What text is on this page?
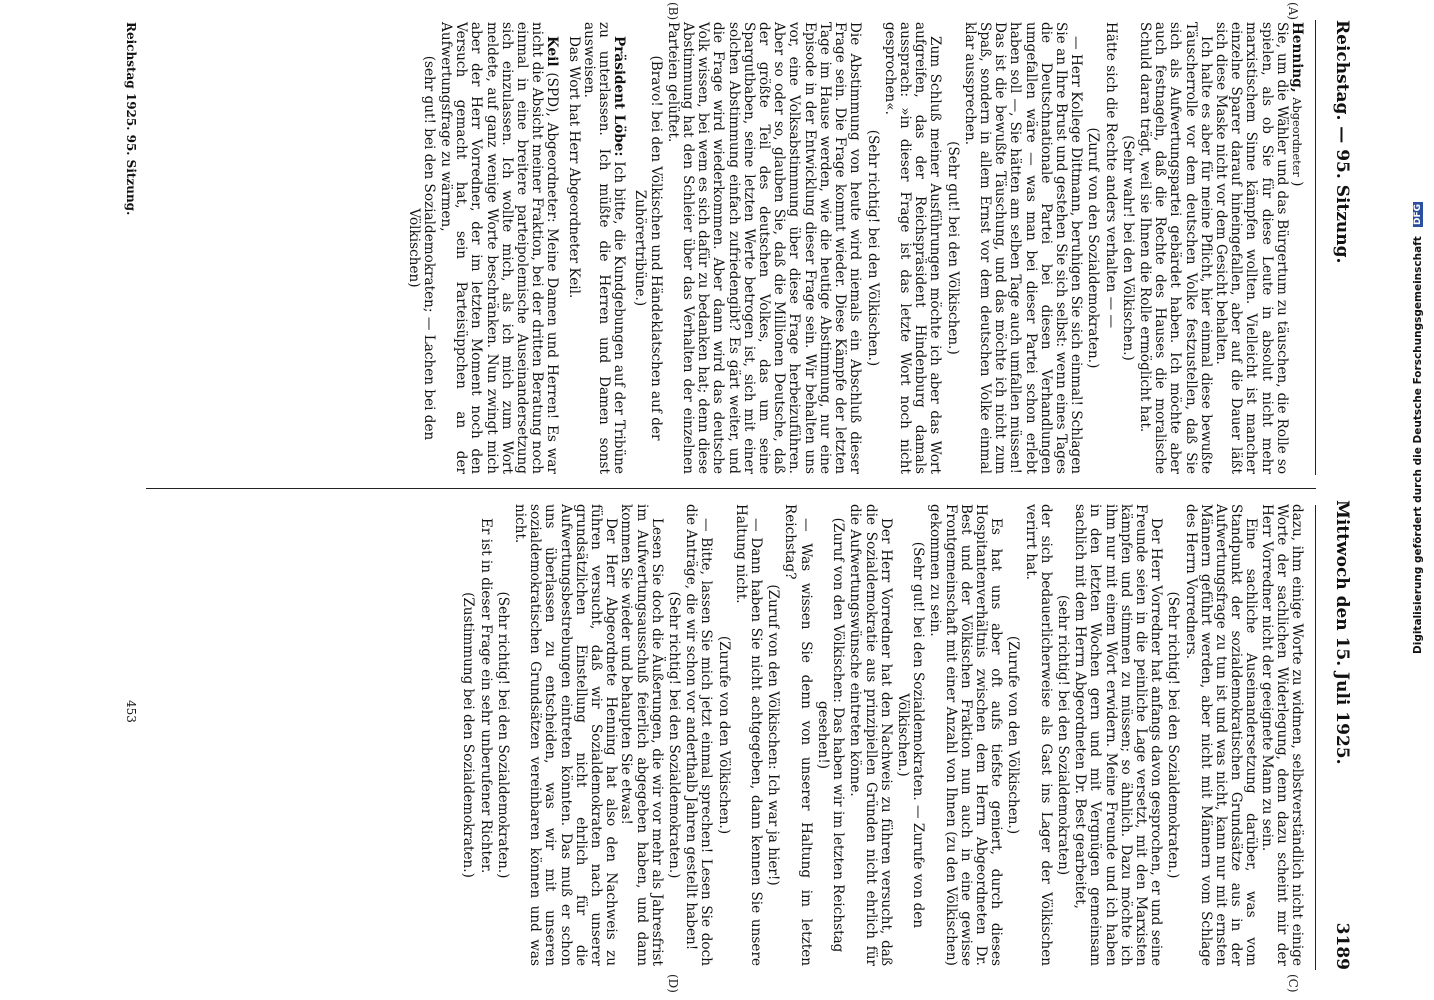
Reichstag. — 95. Sitzung.
Mittwoch den 15. Juli 1925.
3189
(A)
(B)
(C)
(D)

Henning, Abgeordneter )

Sie, um die Wähler und das Bürgertum zu täuschen, die Rolle so spielen, als ob Sie für diese Leute in absolut nicht mehr marxistischem Sinne kämpfen wollten. Vielleicht ist mancher einzelne Sparer darauf hineingefallen, aber auf die Dauer läßt sich diese Maske nicht vor dem Gesicht behalten.

Ich halte es aber für meine Pflicht, hier einmal diese bewußte Täuscherrolle vor dem deutschen Volke festzustellen, daß Sie sich als Aufwertungspartei gebärdet haben. Ich möchte aber auch festnageln, daß die Rechte des Hauses die moralische Schuld daran trägt, weil sie Ihnen die Rolle ermöglicht hat.

(Sehr wahr! bei den Völkischen.)

Hätte sich die Rechte anders verhalten — —

(Zuruf von den Sozialdemokraten.)

— Herr Kollege Dittmann, beruhigen Sie sich einmal! Schlagen Sie an Ihre Brust und gestehen Sie sich selbst: wenn eines Tages die Deutschnationale Partei bei diesen Verhandlungen umgefallen wäre — was man bei dieser Partei schon erlebt haben soll —, Sie hätten am selben Tage auch umfallen müssen! Das ist die bewußte Täuschung, und das möchte ich nicht zum Spaß, sondern in allem Ernst vor dem deutschen Volke einmal klar aussprechen.

(Sehr gut! bei den Völkischen.)

Zum Schluß meiner Ausführungen möchte ich aber das Wort aufgreifen, das der Reichspräsident Hindenburg damals aussprach: »in dieser Frage ist das letzte Wort noch nicht gesprochen«.

(Sehr richtig! bei den Völkischen.)

Die Abstimmung von heute wird niemals ein Abschluß dieser Frage sein. Die Frage kommt wieder. Diese Kämpfe der letzten Tage im Hause werden, wie die heutige Abstimmung, nur eine Episode in der Entwicklung dieser Frage sein. Wir behalten uns vor, eine Volksabstimmung über diese Frage herbeizuführen. Aber so oder so, glauben Sie, daß die Millionen Deutsche, daß der größte Teil des deutschen Volkes, das um seine Spargutbaben, seine letzten Werte betrogen ist, sich mit einer solchen Abstimmung einfach zufriedengibt? Es gärt weiter, und die Frage wird wiederkommen. Aber dann wird das deutsche Volk wissen, bei wem es sich dafür zu bedanken hat; denn diese Abstimmung hat den Schleier über das Verhalten der einzelnen Parteien gelüftet.

(Bravo! bei den Völkischen und Händeklatschen auf der Zuhörertribüne.)

Präsident Löbe: Ich bitte, die Kundgebungen auf der Tribüne zu unterlassen. Ich müßte die Herren und Damen sonst ausweisen.

Das Wort hat Herr Abgeordneter Keil.

Keil (SPD), Abgeordneter: Meine Damen und Herren! Es war nicht die Absicht meiner Fraktion, bei der dritten Beratung noch einmal in eine breitere parteipolemische Auseinandersetzung sich einzulassen. Ich wollte mich, als ich mich zum Wort meldete, auf ganz wenige Worte beschränken. Nun zwingt mich aber der Herr Vorredner, der im letzten Moment noch den Versuch gemacht hat, sein Parteisüppchen an der Aufwertungsfrage zu wärmen,

(sehr gut! bei den Sozialdemokraten; — Lachen bei den Völkischen)

dazu, ihm einige Worte zu widmen, selbstverständlich nicht einige Worte der sachlichen Widerlegung, denn dazu scheint mir der Herr Vorredner nicht der geeignete Mann zu sein.

Eine sachliche Auseinandersetzung darüber, was vom Standpunkt der sozialdemokratischen Grundsätze aus in der Aufwertungsfrage zu tun ist und was nicht, kann nur mit ernsten Männern geführt werden, aber nicht mit Männern vom Schlage des Herrn Vorredners.

(Sehr richtig! bei den Sozialdemokraten.)

Der Herr Vorredner hat anfangs davon gesprochen, er und seine Freunde seien in die peinliche Lage versetzt, mit den Marxisten kämpfen und stimmen zu müssen; so ähnlich. Dazu möchte ich ihm nur mit einem Wort erwidern. Meine Freunde und ich haben in den letzten Wochen gern und mit Vergnügen gemeinsam sachlich mit dem Herrn Abgeordneten Dr. Best gearbeitet,

(sehr richtig! bei den Sozialdemokraten)

der sich bedauerlicherweise als Gast ins Lager der Völkischen verirrt hat.

(Zurufe von den Völkischen.)

Es hat uns aber oft aufs tiefste geniert, durch dieses Hospitantenverhältnis zwischen dem Herrn Abgeordneten Dr. Best und der Völkischen Fraktion nun auch in eine gewisse Frontgemeinschaft mit einer Anzahl von Ihnen (zu den Völkischen) gekommen zu sein.

(Sehr gut! bei den Sozialdemokraten. — Zurufe von den Völkischen.)

Der Herr Vorredner hat den Nachweis zu führen versucht, daß die Sozialdemokratie aus prinzipiellen Gründen nicht ehrlich für die Aufwertungswünsche eintreten könne.

(Zuruf von den Völkischen: Das haben wir im letzten Reichstag gesehen!)

— Was wissen Sie denn von unserer Haltung im letzten Reichstag?

(Zuruf von den Völkischen: Ich war ja hier!)

— Dann haben Sie nicht achtgegeben, dann kennen Sie unsere Haltung nicht.

(Zurufe von den Völkischen.)

— Bitte, lassen Sie mich jetzt einmal sprechen! Lesen Sie doch die Anträge, die wir schon vor anderthalb Jahren gestellt haben!

(Sehr richtig! bei den Sozialdemokraten.)

Lesen Sie doch die Äußerungen, die wir vor mehr als Jahresfrist im Aufwertungsausschuß feierlich abgegeben haben, und dann kommen Sie wieder und behaupten Sie etwas!

Der Herr Abgeordnete Henning hat also den Nachweis zu führen versucht, daß wir Sozialdemokraten nach unserer grundsätzlichen Einstellung nicht ehrlich für die Aufwertungsbestrebungen eintreten könnten. Das muß er schon uns überlassen zu entscheiden, was wir mit unseren sozialdemokratischen Grundsätzen vereinbaren können und was nicht.

(Sehr richtig! bei den Sozialdemokraten.)

Er ist in dieser Frage ein sehr unberufener Richter.

(Zustimmung bei den Sozialdemokraten.)

Reichstag 1925. 95. Sitzung.
453
Digitalisierung gefördert durch die Deutsche Forschungsgemeinschaft DFG
